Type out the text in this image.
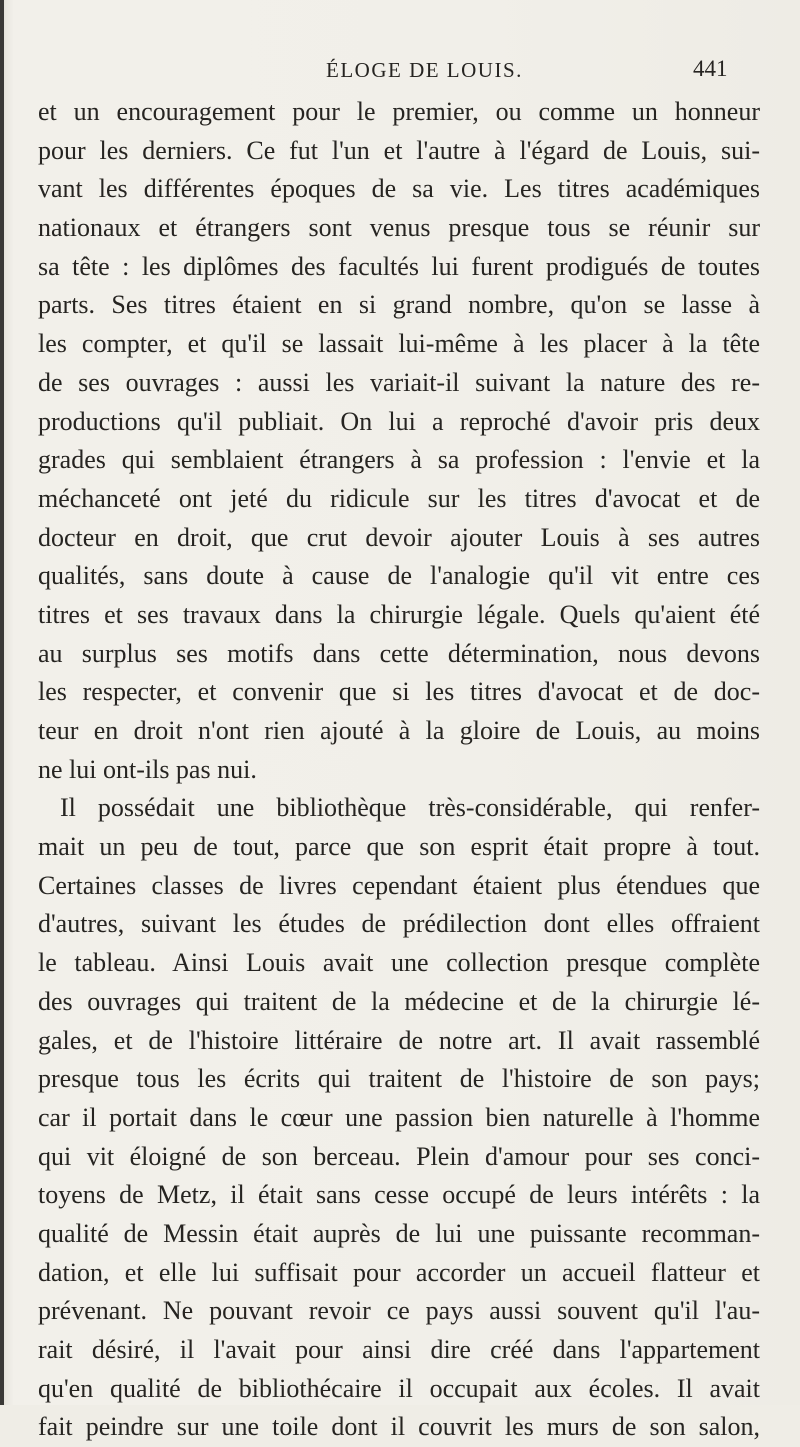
ÉLOGE DE LOUIS.	441
et un encouragement pour le premier, ou comme un honneur
pour les derniers. Ce fut l'un et l'autre à l'égard de Louis, sui-
vant les différentes époques de sa vie. Les titres académiques
nationaux et étrangers sont venus presque tous se réunir sur
sa tête : les diplômes des facultés lui furent prodigués de toutes
parts. Ses titres étaient en si grand nombre, qu'on se lasse à
les compter, et qu'il se lassait lui-même à les placer à la tête
de ses ouvrages : aussi les variait-il suivant la nature des re-
productions qu'il publiait. On lui a reproché d'avoir pris deux
grades qui semblaient étrangers à sa profession : l'envie et la
méchanceté ont jeté du ridicule sur les titres d'avocat et de
docteur en droit, que crut devoir ajouter Louis à ses autres
qualités, sans doute à cause de l'analogie qu'il vit entre ces
titres et ses travaux dans la chirurgie légale. Quels qu'aient été
au surplus ses motifs dans cette détermination, nous devons
les respecter, et convenir que si les titres d'avocat et de doc-
teur en droit n'ont rien ajouté à la gloire de Louis, au moins
ne lui ont-ils pas nui.
Il possédait une bibliothèque très-considérable, qui renfer-
mait un peu de tout, parce que son esprit était propre à tout.
Certaines classes de livres cependant étaient plus étendues que
d'autres, suivant les études de prédilection dont elles offraient
le tableau. Ainsi Louis avait une collection presque complète
des ouvrages qui traitent de la médecine et de la chirurgie lé-
gales, et de l'histoire littéraire de notre art. Il avait rassemblé
presque tous les écrits qui traitent de l'histoire de son pays;
car il portait dans le cœur une passion bien naturelle à l'homme
qui vit éloigné de son berceau. Plein d'amour pour ses conci-
toyens de Metz, il était sans cesse occupé de leurs intérêts : la
qualité de Messin était auprès de lui une puissante recomman-
dation, et elle lui suffisait pour accorder un accueil flatteur et
prévenant. Ne pouvant revoir ce pays aussi souvent qu'il l'au-
rait désiré, il l'avait pour ainsi dire créé dans l'appartement
qu'en qualité de bibliothécaire il occupait aux écoles. Il avait
fait peindre sur une toile dont il couvrit les murs de son salon,
